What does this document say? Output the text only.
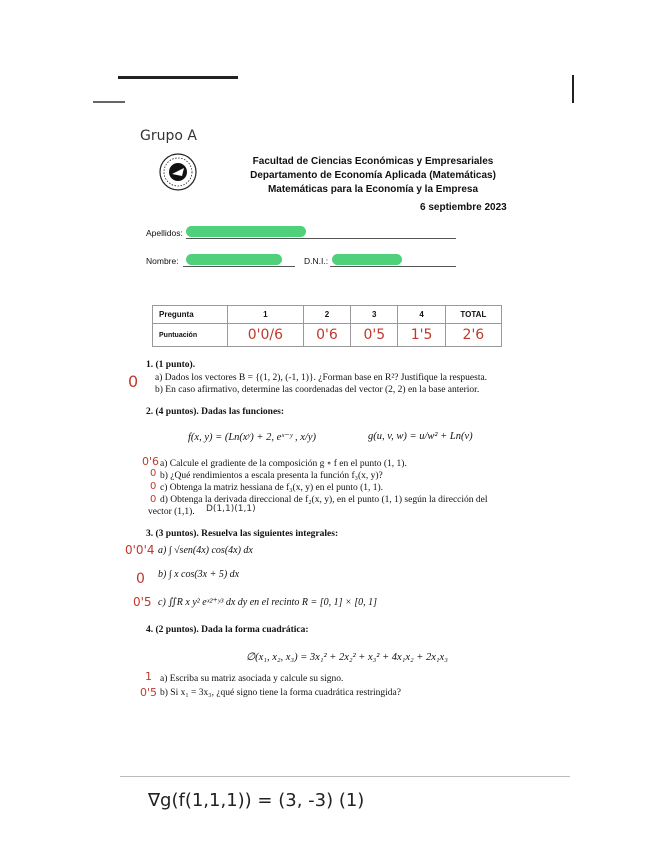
Grupo A
Facultad de Ciencias Económicas y Empresariales
Departamento de Economía Aplicada (Matemáticas)
Matemáticas para la Economía y la Empresa
6 septiembre 2023
Apellidos:
Nombre:	D.N.I.:
Pregunta	1	2	3	4	TOTAL
Puntuación	0'0/6	0'6	0'5	1'5	2'6
1. (1 punto).
a) Dados los vectores B = {(1, 2), (-1, 1)}. ¿Forman base en R²? Justifique la respuesta.
b) En caso afirmativo, determine las coordenadas del vector (2, 2) en la base anterior.
0
2. (4 puntos). Dadas las funciones:
f(x, y) = (Ln(xʸ) + 2, eˣ⁻ʸ , x/y)	g(u, v, w) = u/w² + Ln(v)
a) Calcule el gradiente de la composición g ∘ f en el punto (1, 1).
b) ¿Qué rendimientos a escala presenta la función f₃(x, y)?
c) Obtenga la matriz hessiana de f₃(x, y) en el punto (1, 1).
d) Obtenga la derivada direccional de f₂(x, y), en el punto (1, 1) según la dirección del
vector (1,1).
0'6
0
0
0
D(1,1)(1,1)
3. (3 puntos). Resuelva las siguientes integrales:
a) ∫ √sen(4x) cos(4x) dx
b) ∫ x cos(3x + 5) dx
c) ∬R x y² eˣ²⁺ʸ³ dx dy en el recinto R = [0, 1] × [0, 1]
0'0'4
0
0'5
4. (2 puntos). Dada la forma cuadrática:
∅(x₁, x₂, x₃) = 3x₁² + 2x₂² + x₃² + 4x₁x₂ + 2x₁x₃
a) Escriba su matriz asociada y calcule su signo.
b) Si x₁ = 3x₃, ¿qué signo tiene la forma cuadrática restringida?
1
0'5
∇g(f(1,1,1)) = (3, -3) (1)
